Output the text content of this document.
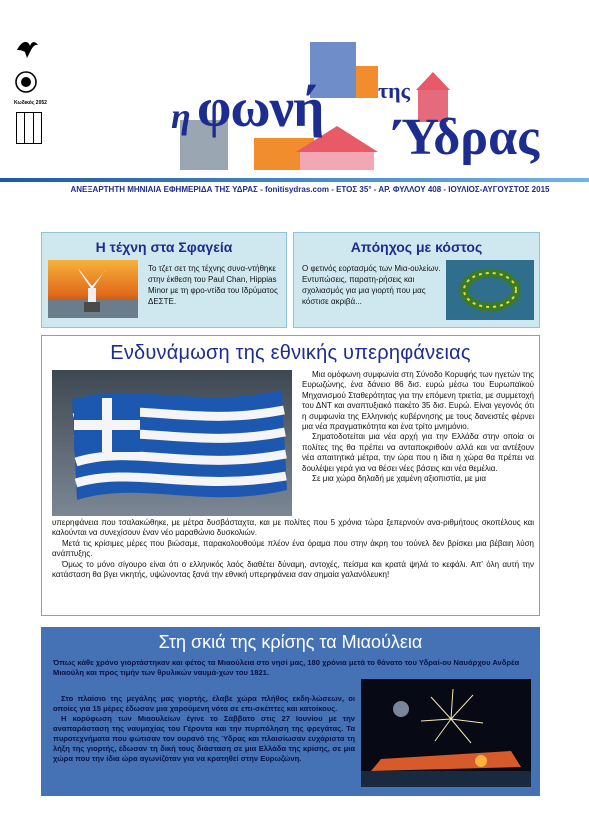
Κωδικός 2052	η φωνή της
Ύδρας
ΑΝΕΞΑΡΤΗΤΗ ΜΗΝΙΑΙΑ ΕΦΗΜΕΡΙΔΑ ΤΗΣ ΥΔΡΑΣ - fonitisydras.com - ΕΤΟΣ 35° - ΑΡ. ΦΥΛΛΟΥ 408 - ΙΟΥΛΙΟΣ-ΑΥΓΟΥΣΤΟΣ 2015
Η τέχνη στα Σφαγεία

Το τζετ σετ της τέχνης συνα-ντήθηκε στην έκθεση του Paul Chan, Hippias Minor με τη φρο-ντίδα του Ιδρύματος ΔΕΣΤΕ.

Απόηχος με κόστος

Ο φετινός εορτασμός των Μια-ουλείων. Εντυπώσεις, παρατη-ρήσεις και σχολιασμός για μια γιορτή που μας κόστισε ακριβά...

Ενδυνάμωση της εθνικής υπερηφάνειας

Μια ομόφωνη συμφωνία στη Σύνοδο Κορυφής των ηγετών της Ευρωζώνης, ένα δάνειο 86 δισ. ευρώ μέσω του Ευρωπαϊκού Μηχανισμού Σταθερότητας για την επόμενη τριετία, με συμμετοχή του ΔΝΤ και αναπτυξιακό πακέτο 35 δισ. Ευρώ. Είναι γεγονός ότι η συμφωνία της Ελληνικής κυβέρνησης με τους δανειστές φέρνει μια νέα πραγματικότητα και ένα τρίτο μνημόνιο.

Σηματοδοτείται μια νέα αρχή για την Ελλάδα στην οποία οι πολίτες της θα πρέπει να ανταποκριθούν αλλά και να αντέξουν νέα απαιτητικά μέτρα, την ώρα που η ίδια η χώρα θα πρέπει να δουλέψει γερά για να θέσει νέες βάσεις και νέα θεμέλια.

Σε μια χώρα δηλαδή με χαμένη αξιοπιστία, με μια

υπερηφάνεια που τσαλακώθηκε, με μέτρα δυσβάσταχτα, και με πολίτες που 5 χρόνια τώρα ξεπερνούν ανα-ριθμήτους σκοπέλους και καλούνται να συνεχίσουν έναν νέο μαραθώνιο δυσκολιών.

Μετά τις κρίσιμες μέρες που βιώσαμε, παρακολουθούμε πλέον ένα όραμα που στην άκρη του τούνελ δεν βρίσκει μια βέβαιη λύση ανάπτυξης.

Όμως το μόνο σίγουρο είναι ότι ο ελληνικός λαός διαθέτει δύναμη, αντοχές, πείσμα και κρατά ψηλά το κεφάλι. Απ' όλη αυτή την κατάσταση θα βγει νικητής, υψώνοντας ξανά την εθνική υπερηφάνεια σαν σημαία γαλανόλευκη!

Στη σκιά της κρίσης τα Μιαούλεια
Όπως κάθε χρόνο γιορτάστηκαν και φέτος τα Μιαούλεια στο νησί μας, 180 χρόνια μετά το θάνατο του Υδραί-ου Ναυάρχου Ανδρέα Μιαούλη και προς τιμήν των θρυλικών ναυμά-χων του 1821.

Στο πλαίσιο της μεγάλης μας γιορτής, έλαβε χώρα πλήθος εκδη-λώσεων, οι οποίες για 15 μέρες έδωσαν μια χαρούμενη νότα σε επι-σκέπτες και κατοίκους.

Η κορύφωση των Μιαουλείων έγινε το Σάββατο στις 27 Ιουνίου με την αναπαράσταση της ναυμαχίας του Γέροντα και την πυρπόληση της φρεγάτας. Τα πυροτεχνήματα που φώτισαν τον ουρανό της Ύδρας και πλαισίωσαν ευχάριστα τη λήξη της γιορτής, έδωσαν τη δική τους διάσταση σε μια Ελλάδα της κρίσης, σε μια χώρα που την ίδια ώρα αγωνίζόταν για να κρατηθεί στην Ευρωζώνη.
